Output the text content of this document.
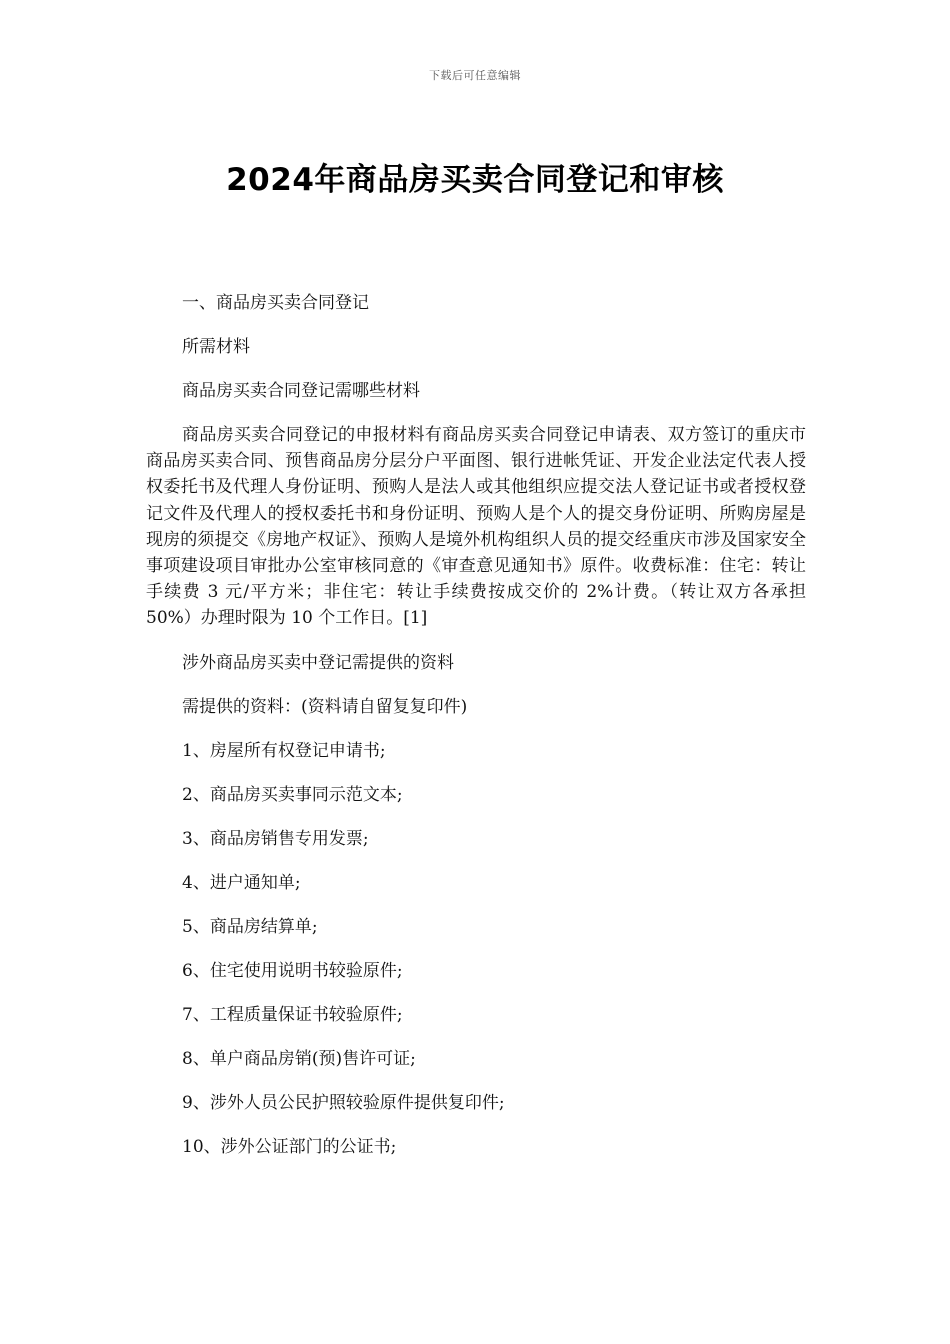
下载后可任意编辑
2024年商品房买卖合同登记和审核

一、商品房买卖合同登记

所需材料

商品房买卖合同登记需哪些材料

商品房买卖合同登记的申报材料有商品房买卖合同登记申请表、双方签订的重庆市商品房买卖合同、预售商品房分层分户平面图、银行进帐凭证、开发企业法定代表人授权委托书及代理人身份证明、预购人是法人或其他组织应提交法人登记证书或者授权登记文件及代理人的授权委托书和身份证明、预购人是个人的提交身份证明、所购房屋是现房的须提交《房地产权证》、预购人是境外机构组织人员的提交经重庆市涉及国家安全事项建设项目审批办公室审核同意的《审查意见通知书》原件。收费标准：住宅：转让手续费 3 元/平方米；非住宅：转让手续费按成交价的 2%计费。（转让双方各承担 50%）办理时限为 10 个工作日。[1]

涉外商品房买卖中登记需提供的资料

需提供的资料：(资料请自留复复印件)

1、房屋所有权登记申请书;
2、商品房买卖事同示范文本;
3、商品房销售专用发票;
4、进户通知单;
5、商品房结算单;
6、住宅使用说明书较验原件;
7、工程质量保证书较验原件;
8、单户商品房销(预)售许可证;
9、涉外人员公民护照较验原件提供复印件;
10、涉外公证部门的公证书;
